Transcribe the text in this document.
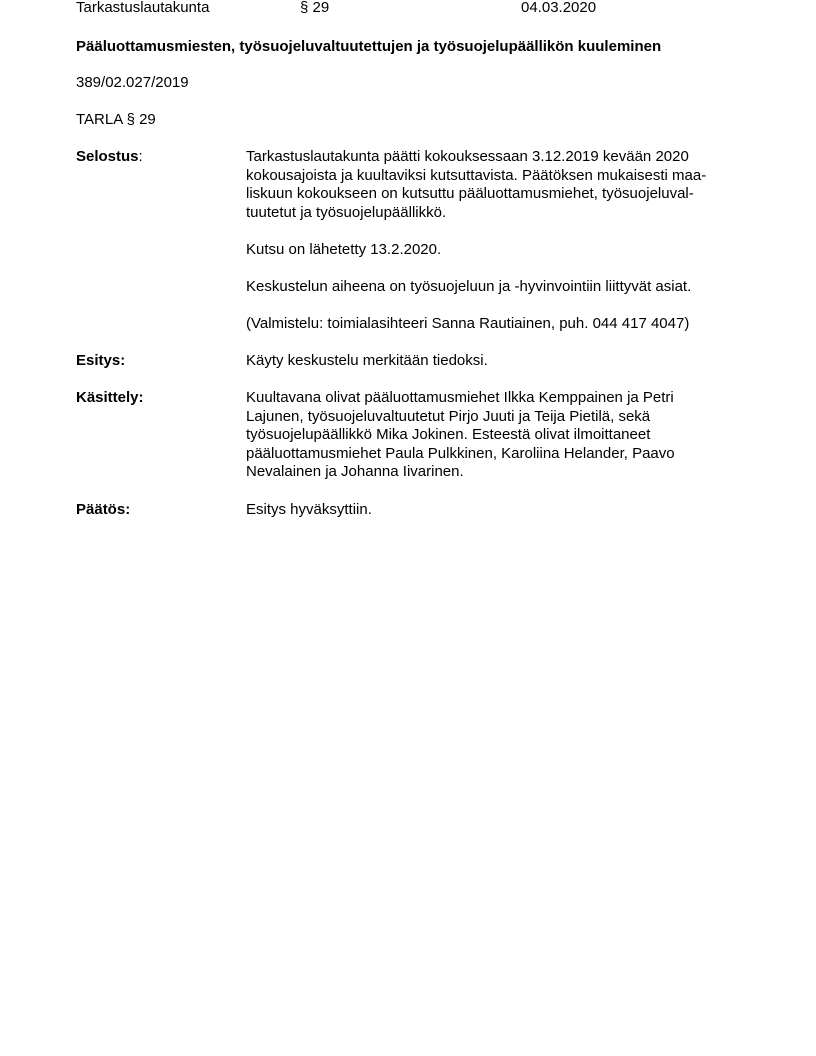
Tarkastuslautakunta	§ 29	04.03.2020
Pääluottamusmiesten, työsuojeluvaltuutettujen ja työsuojelupäällikön kuuleminen
389/02.027/2019
TARLA § 29
Selostus:	Tarkastuslautakunta päätti kokouksessaan 3.12.2019 kevään 2020
kokousajoista ja kuultaviksi kutsuttavista. Päätöksen mukaisesti maa-
liskuun kokoukseen on kutsuttu pääluottamusmiehet, työsuojeluval-
tuutetut ja työsuojelupäällikkö.

Kutsu on lähetetty 13.2.2020.

Keskustelun aiheena on työsuojeluun ja -hyvinvointiin liittyvät asiat.

(Valmistelu: toimialasihteeri Sanna Rautiainen, puh. 044 417 4047)

Esitys:	Käyty keskustelu merkitään tiedoksi.

Käsittely:	Kuultavana olivat pääluottamusmiehet Ilkka Kemppainen ja Petri
Lajunen, työsuojeluvaltuutetut Pirjo Juuti ja Teija Pietilä, sekä
työsuojelupäällikkö Mika Jokinen. Esteestä olivat ilmoittaneet
pääluottamusmiehet Paula Pulkkinen, Karoliina Helander, Paavo
Nevalainen ja Johanna Iivarinen.

Päätös:	Esitys hyväksyttiin.
